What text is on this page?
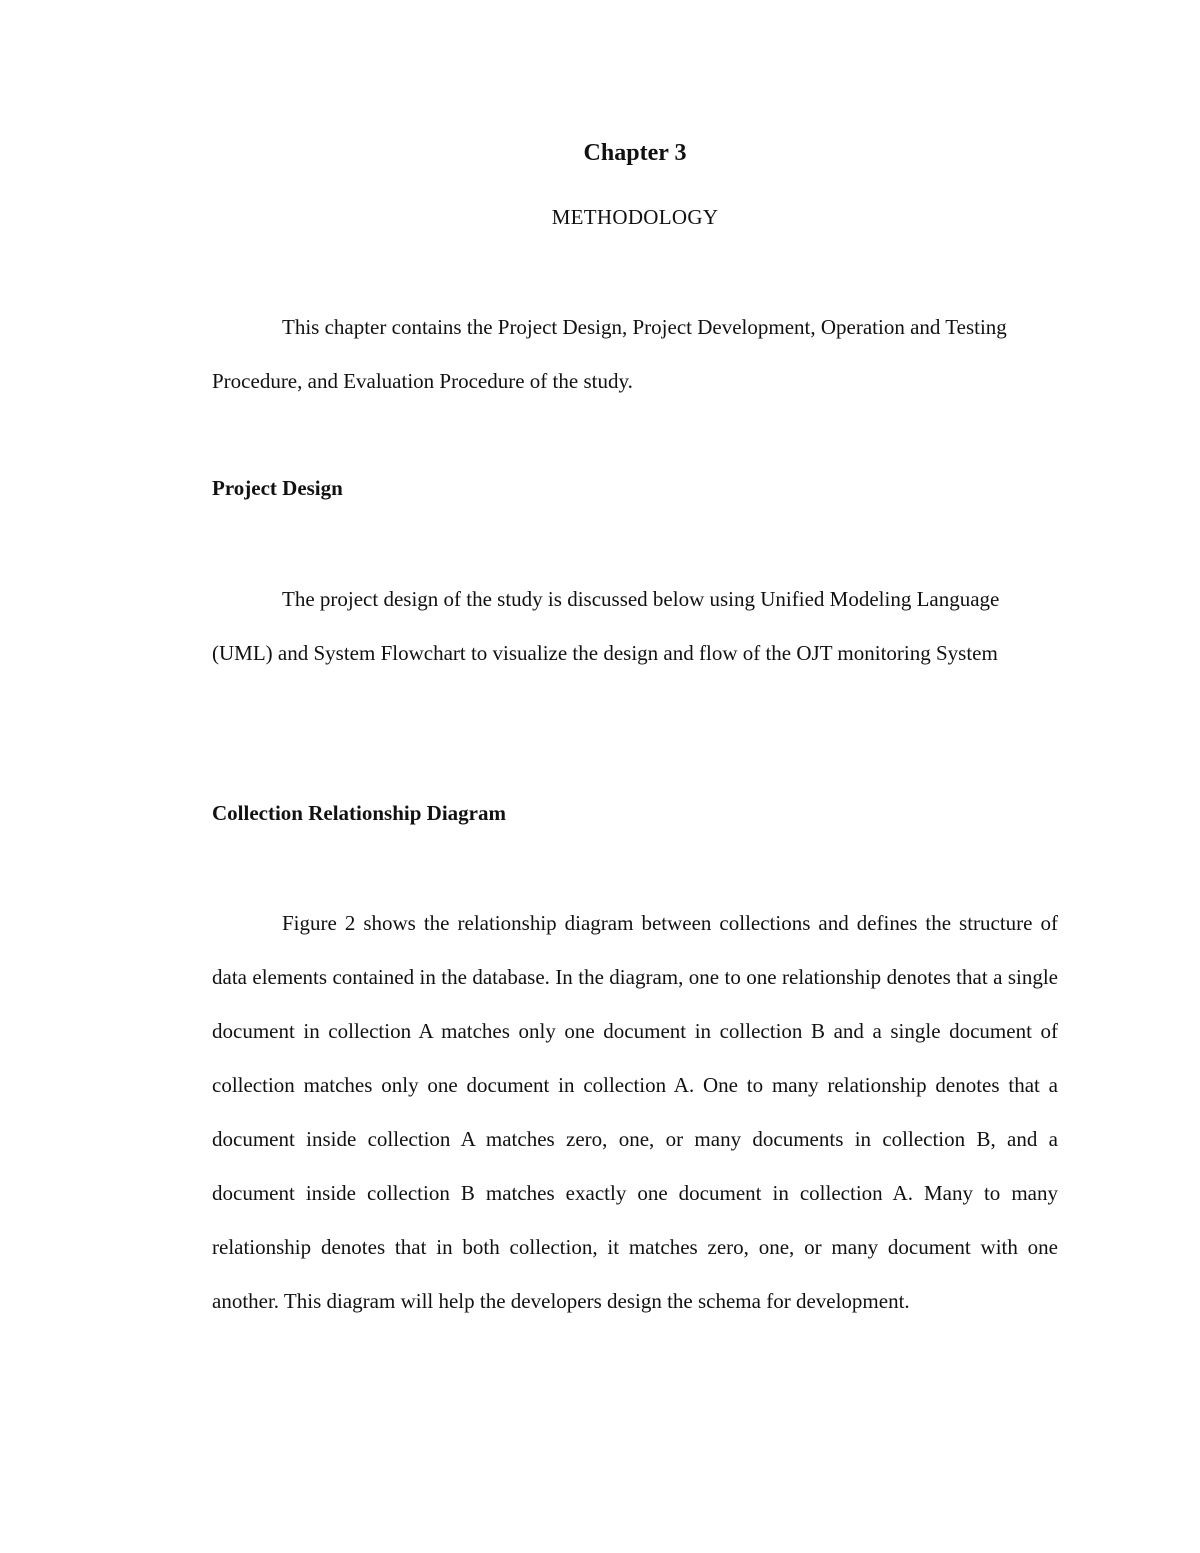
Chapter 3
METHODOLOGY

This chapter contains the Project Design, Project Development, Operation and Testing Procedure, and Evaluation Procedure of the study.

Project Design

The project design of the study is discussed below using Unified Modeling Language (UML) and System Flowchart to visualize the design and flow of the OJT monitoring System

Collection Relationship Diagram

Figure 2 shows the relationship diagram between collections and defines the structure of data elements contained in the database. In the diagram, one to one relationship denotes that a single document in collection A matches only one document in collection B and a single document of collection matches only one document in collection A. One to many relationship denotes that a document inside collection A matches zero, one, or many documents in collection B, and a document inside collection B matches exactly one document in collection A. Many to many relationship denotes that in both collection, it matches zero, one, or many document with one another. This diagram will help the developers design the schema for development.
